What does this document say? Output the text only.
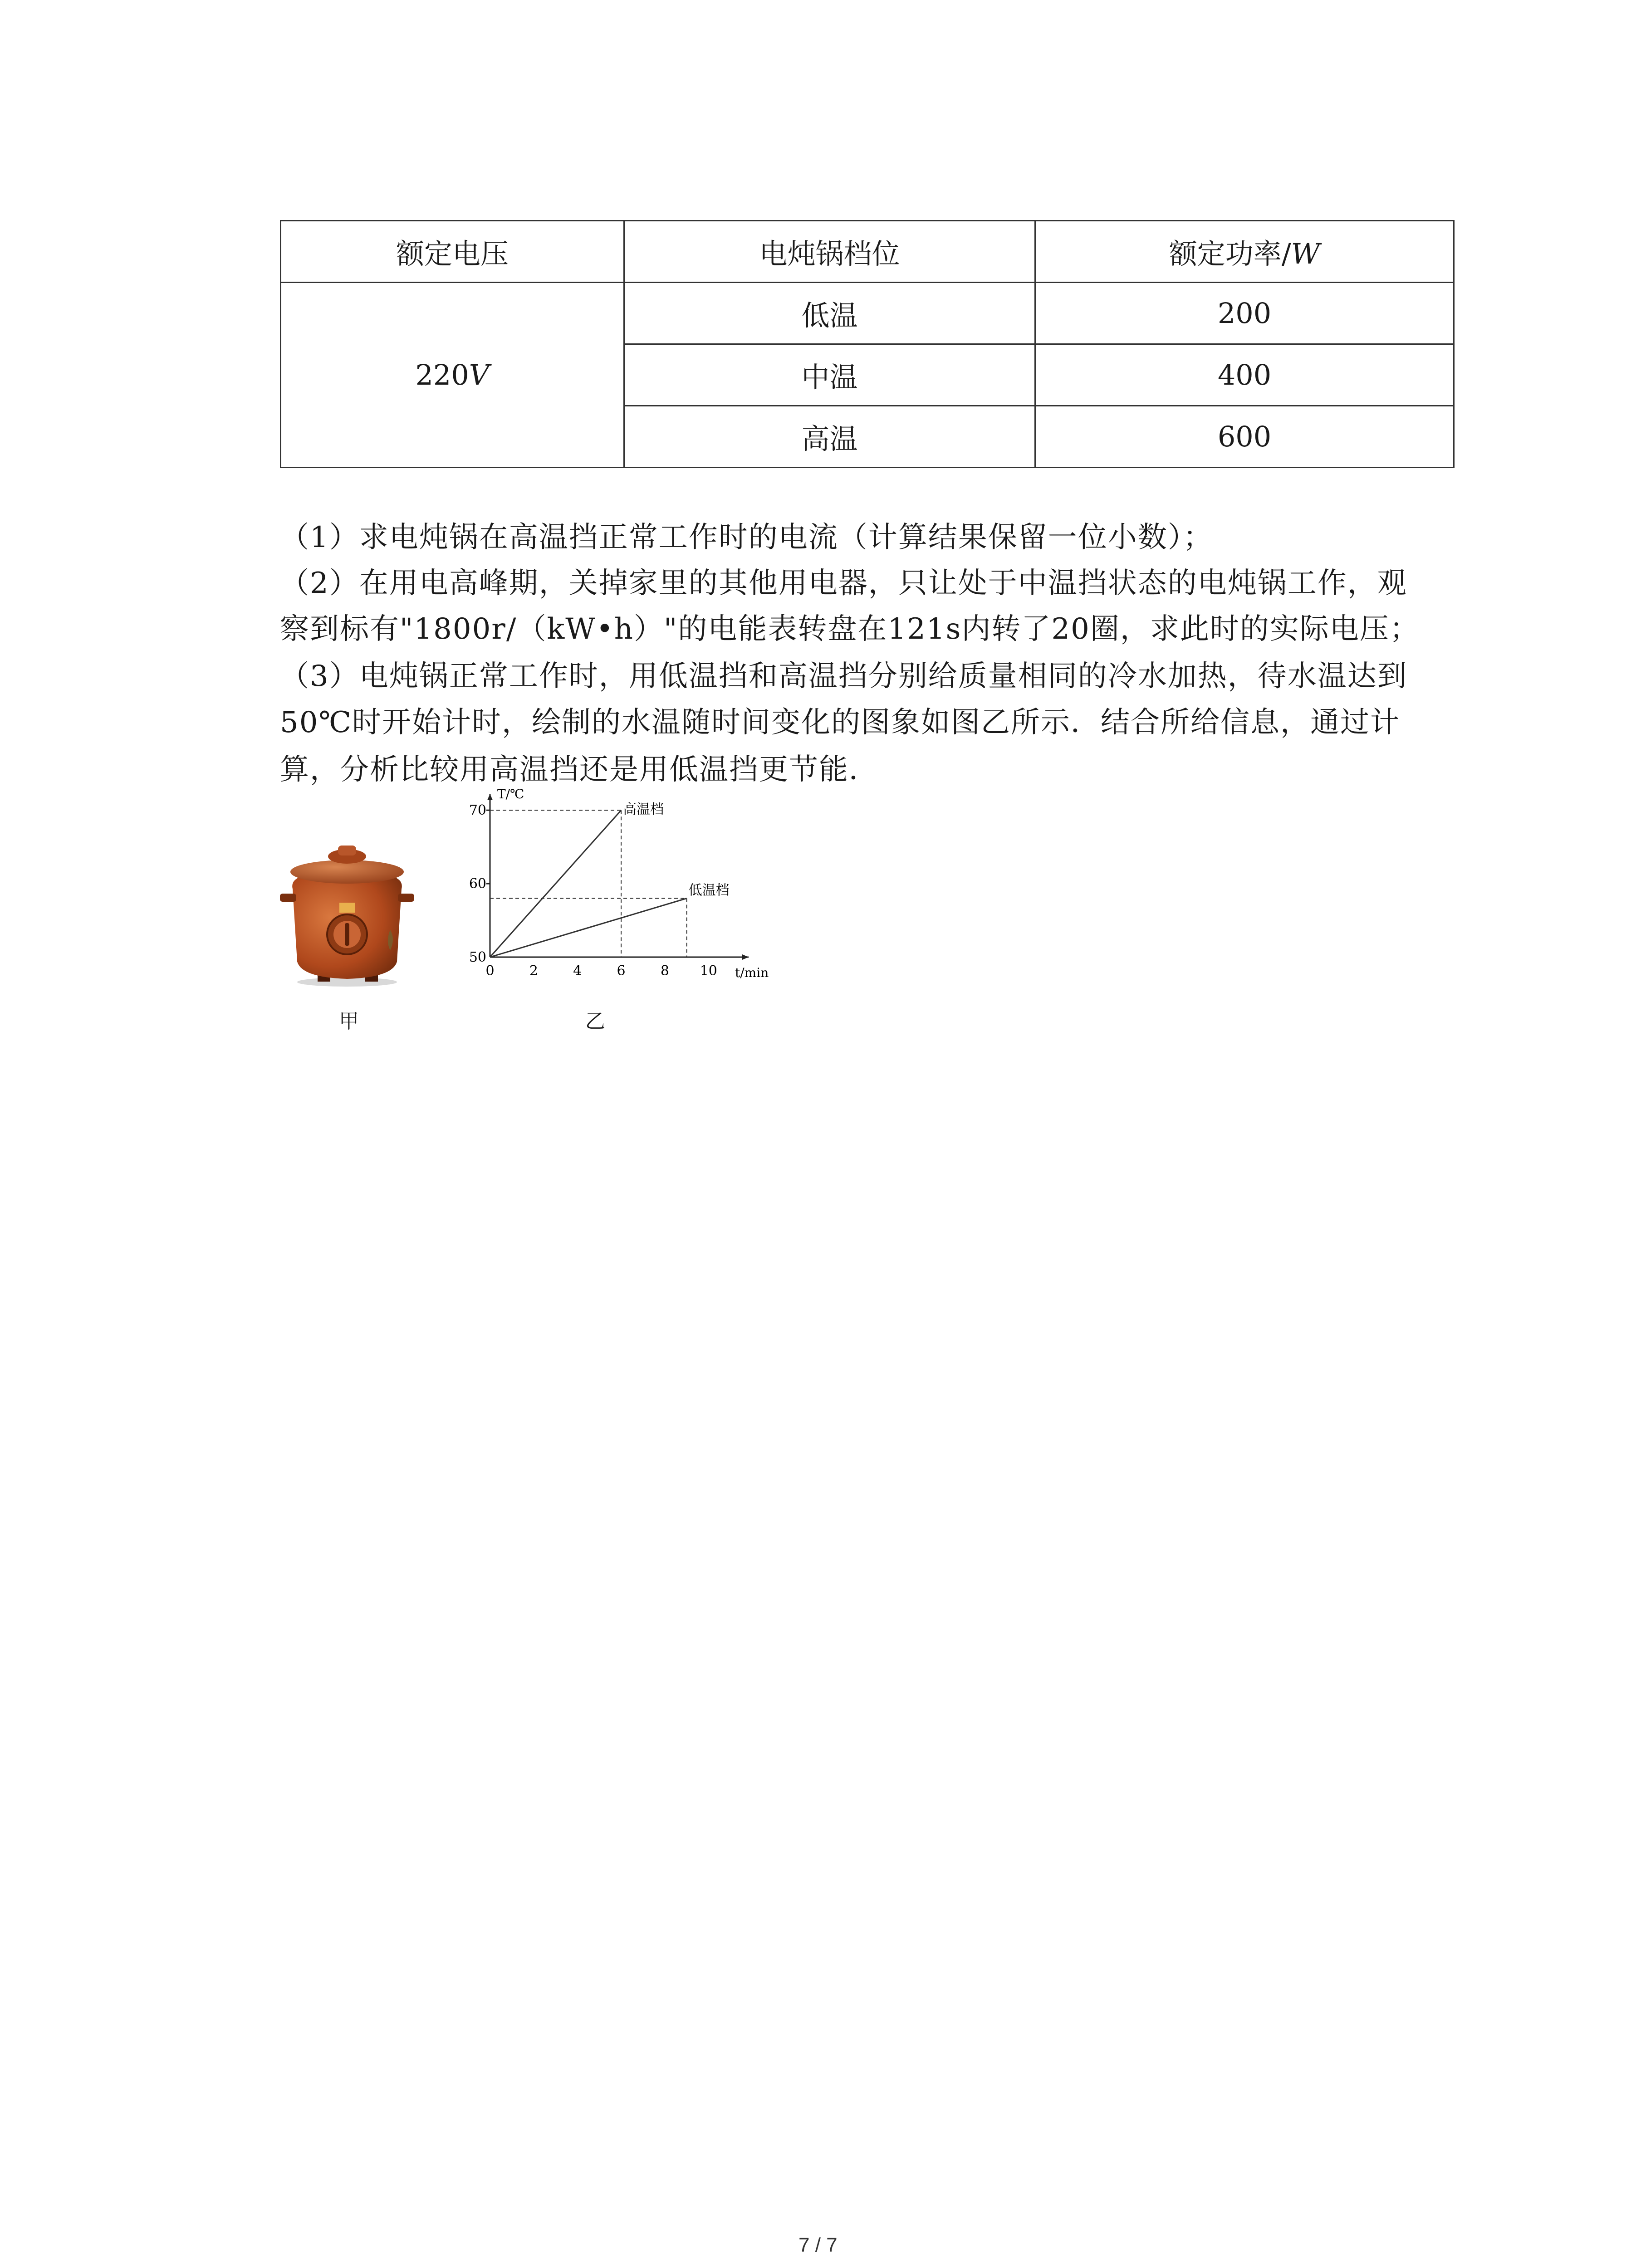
额定电压	电炖锅档位	额定功率/W
220V	低温	200
	中温	400
	高温	600
（1）求电炖锅在高温挡正常工作时的电流（计算结果保留一位小数）；
（2）在用电高峰期，关掉家里的其他用电器，只让处于中温挡状态的电炖锅工作，观
察到标有"1800r/（kW•h）"的电能表转盘在121s内转了20圈，求此时的实际电压；
（3）电炖锅正常工作时，用低温挡和高温挡分别给质量相同的冷水加热，待水温达到
50℃时开始计时，绘制的水温随时间变化的图象如图乙所示．结合所给信息，通过计
算，分析比较用高温挡还是用低温挡更节能．
甲
T/℃
t/min
0	2	4	6	8 10
50
60
70	高温档
低温档
乙
7 / 7
